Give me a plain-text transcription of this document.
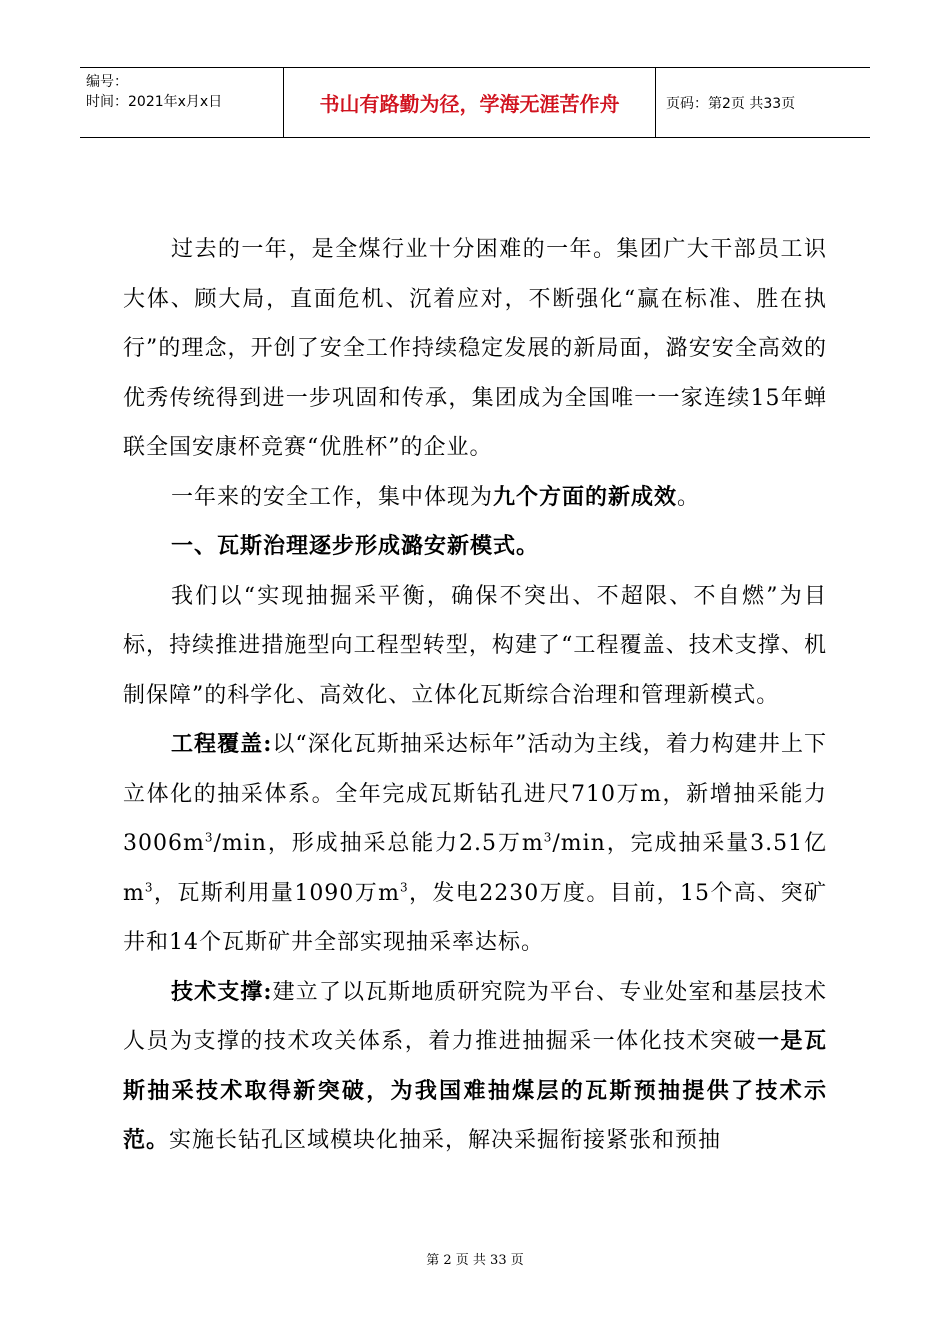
编号：
时间：2021年x月x日	书山有路勤为径，学海无涯苦作舟	页码：第2页 共33页

过去的一年，是全煤行业十分困难的一年。集团广大干部员工识大体、顾大局，直面危机、沉着应对，不断强化“赢在标准、胜在执行”的理念，开创了安全工作持续稳定发展的新局面，潞安安全高效的优秀传统得到进一步巩固和传承，集团成为全国唯一一家连续15年蝉联全国安康杯竞赛“优胜杯”的企业。

一年来的安全工作，集中体现为九个方面的新成效。

一、瓦斯治理逐步形成潞安新模式。

我们以“实现抽掘采平衡，确保不突出、不超限、不自燃”为目标，持续推进措施型向工程型转型，构建了“工程覆盖、技术支撑、机制保障”的科学化、高效化、立体化瓦斯综合治理和管理新模式。

工程覆盖:以“深化瓦斯抽采达标年”活动为主线，着力构建井上下立体化的抽采体系。全年完成瓦斯钻孔进尺710万m，新增抽采能力$3006m^3/\min$，形成抽采总能力2.5万$m^3/\min$，完成抽采量3.51亿$m^3$，瓦斯利用量1090万$m^3$，发电2230万度。目前，15个高、突矿井和14个瓦斯矿井全部实现抽采率达标。

技术支撑:建立了以瓦斯地质研究院为平台、专业处室和基层技术人员为支撑的技术攻关体系，着力推进抽掘采一体化技术突破一是瓦斯抽采技术取得新突破，为我国难抽煤层的瓦斯预抽提供了技术示范。实施长钻孔区域模块化抽采，解决采掘衔接紧张和预抽

第 2 页 共 33 页
